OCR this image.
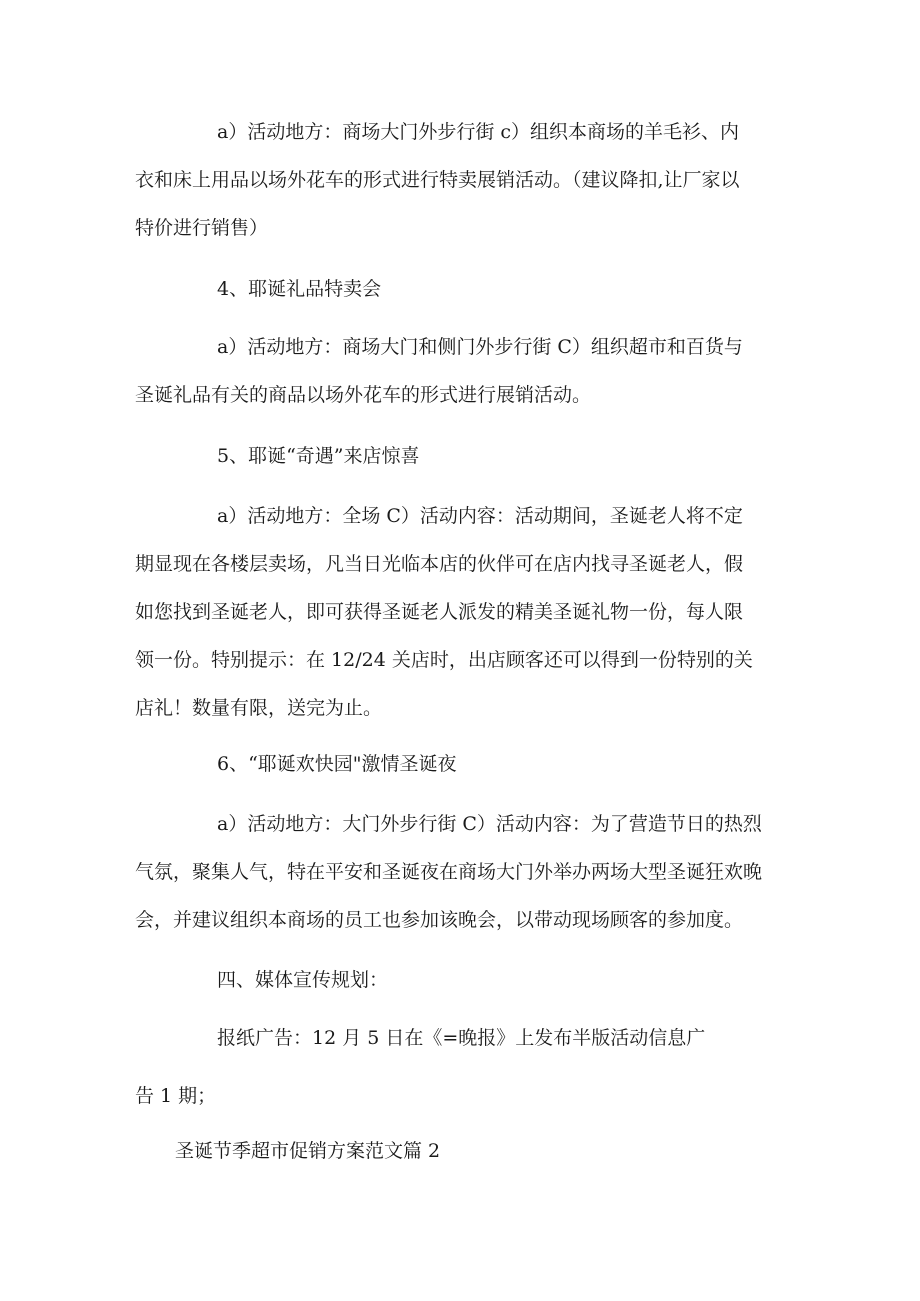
a）活动地方：商场大门外步行街 c）组织本商场的羊毛衫、内
衣和床上用品以场外花车的形式进行特卖展销活动。（建议降扣,让厂家以
特价进行销售）
4、耶诞礼品特卖会
a）活动地方：商场大门和侧门外步行街 C）组织超市和百货与
圣诞礼品有关的商品以场外花车的形式进行展销活动。
5、耶诞“奇遇”来店惊喜
a）活动地方：全场 C）活动内容：活动期间，圣诞老人将不定
期显现在各楼层卖场，凡当日光临本店的伙伴可在店内找寻圣诞老人，假
如您找到圣诞老人，即可获得圣诞老人派发的精美圣诞礼物一份，每人限
领一份。特别提示：在 12/24 关店时，出店顾客还可以得到一份特别的关
店礼！数量有限，送完为止。
6、“耶诞欢快园"激情圣诞夜
a）活动地方：大门外步行街 C）活动内容：为了营造节日的热烈
气氛，聚集人气，特在平安和圣诞夜在商场大门外举办两场大型圣诞狂欢晚
会，并建议组织本商场的员工也参加该晚会，以带动现场顾客的参加度。
四、媒体宣传规划：
报纸广告：12 月 5 日在《=晚报》上发布半版活动信息广
告 1 期；
圣诞节季超市促销方案范文篇 2
